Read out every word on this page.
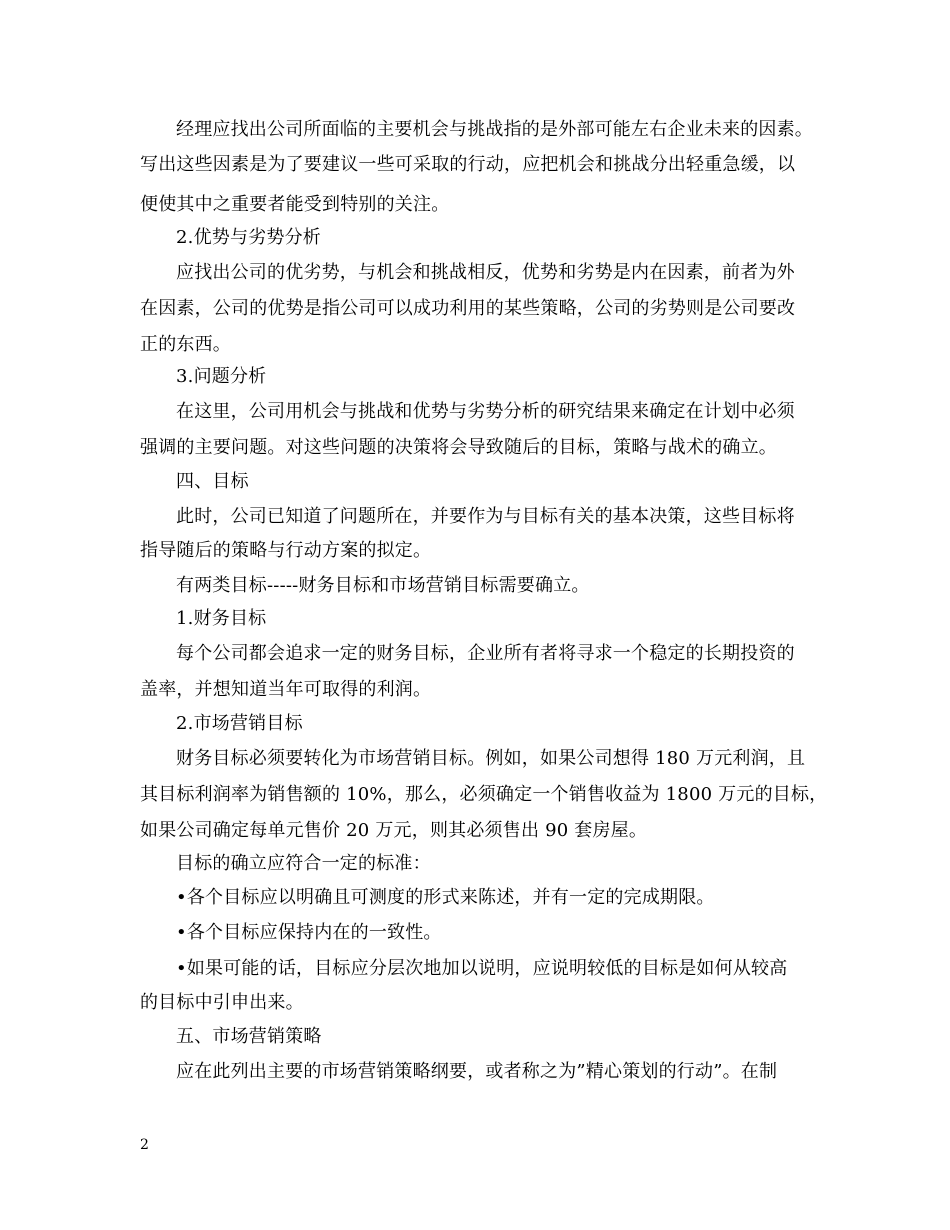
经理应找出公司所面临的主要机会与挑战指的是外部可能左右企业未来的因素。
写出这些因素是为了要建议一些可采取的行动，应把机会和挑战分出轻重急缓，以
便使其中之重要者能受到特别的关注。
2.优势与劣势分析
应找出公司的优劣势，与机会和挑战相反，优势和劣势是内在因素，前者为外
在因素，公司的优势是指公司可以成功利用的某些策略，公司的劣势则是公司要改
正的东西。
3.问题分析
在这里，公司用机会与挑战和优势与劣势分析的研究结果来确定在计划中必须
强调的主要问题。对这些问题的决策将会导致随后的目标，策略与战术的确立。
四、目标
此时，公司已知道了问题所在，并要作为与目标有关的基本决策，这些目标将
指导随后的策略与行动方案的拟定。
有两类目标-----财务目标和市场营销目标需要确立。
1.财务目标
每个公司都会追求一定的财务目标，企业所有者将寻求一个稳定的长期投资的
盖率，并想知道当年可取得的利润。
2.市场营销目标
财务目标必须要转化为市场营销目标。例如，如果公司想得 180 万元利润，且
其目标利润率为销售额的 10%，那么，必须确定一个销售收益为 1800 万元的目标，
如果公司确定每单元售价 20 万元，则其必须售出 90 套房屋。
目标的确立应符合一定的标准：
•各个目标应以明确且可测度的形式来陈述，并有一定的完成期限。
•各个目标应保持内在的一致性。
•如果可能的话，目标应分层次地加以说明，应说明较低的目标是如何从较高
的目标中引申出来。
五、市场营销策略
应在此列出主要的市场营销策略纲要，或者称之为”精心策划的行动”。在制
2
